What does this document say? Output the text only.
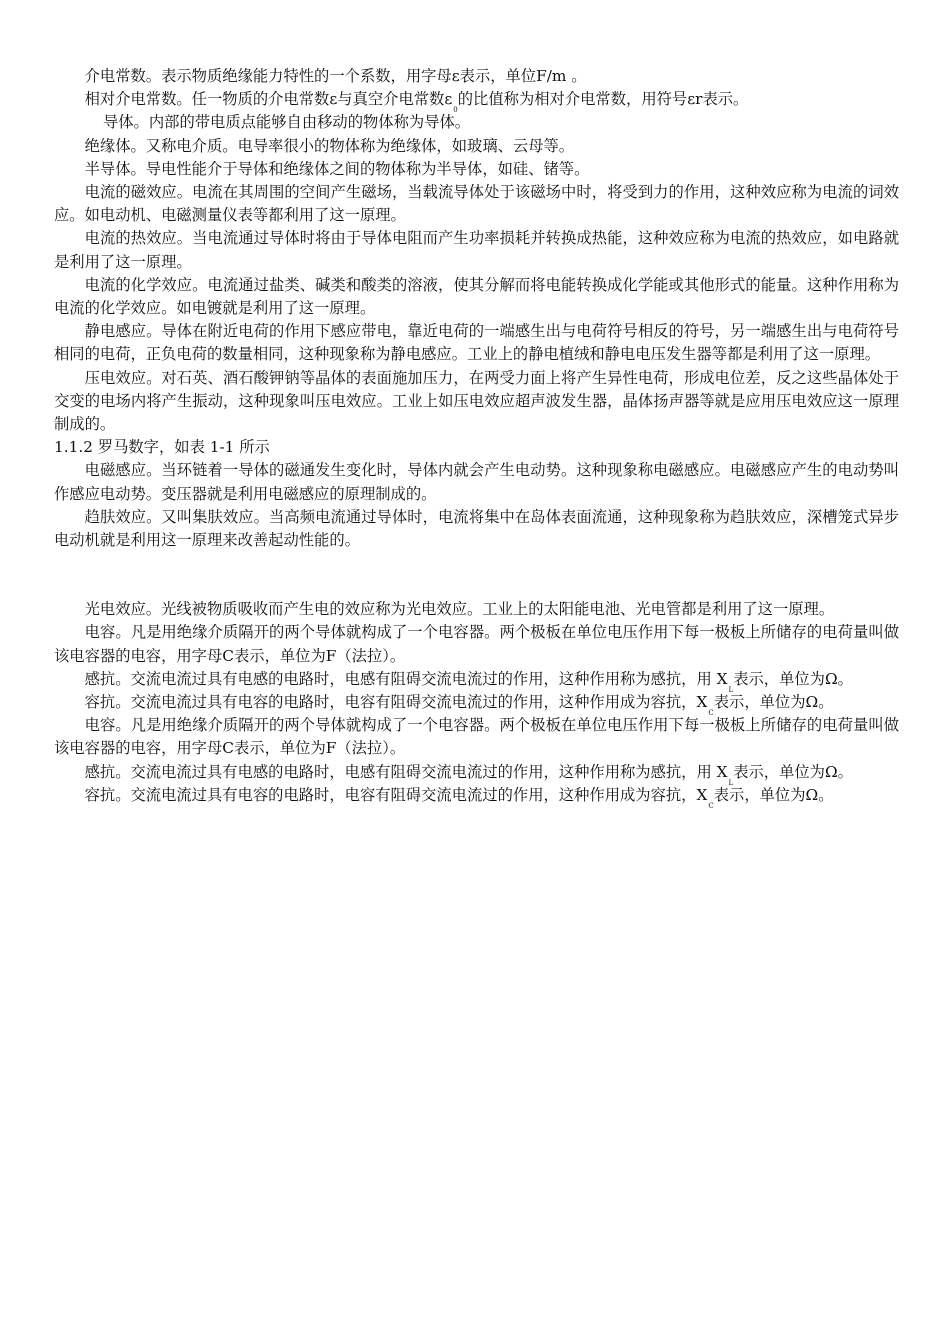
介电常数。表示物质绝缘能力特性的一个系数，用字母ε表示，单位F/m 。

相对介电常数。任一物质的介电常数ε与真空介电常数$\varepsilon_0$的比值称为相对介电常数，用符号εr表示。

导体。内部的带电质点能够自由移动的物体称为导体。

绝缘体。又称电介质。电导率很小的物体称为绝缘体，如玻璃、云母等。

半导体。导电性能介于导体和绝缘体之间的物体称为半导体，如硅、锗等。

电流的磁效应。电流在其周围的空间产生磁场，当载流导体处于该磁场中时，将受到力的作用，这种效应称为电流的词效应。如电动机、电磁测量仪表等都利用了这一原理。

电流的热效应。当电流通过导体时将由于导体电阻而产生功率损耗并转换成热能，这种效应称为电流的热效应，如电路就是利用了这一原理。

电流的化学效应。电流通过盐类、碱类和酸类的溶液，使其分解而将电能转换成化学能或其他形式的能量。这种作用称为电流的化学效应。如电镀就是利用了这一原理。

静电感应。导体在附近电荷的作用下感应带电，靠近电荷的一端感生出与电荷符号相反的符号，另一端感生出与电荷符号相同的电荷，正负电荷的数量相同，这种现象称为静电感应。工业上的静电植绒和静电电压发生器等都是利用了这一原理。

压电效应。对石英、酒石酸钾钠等晶体的表面施加压力，在两受力面上将产生异性电荷，形成电位差，反之这些晶体处于交变的电场内将产生振动，这种现象叫压电效应。工业上如压电效应超声波发生器，晶体扬声器等就是应用压电效应这一原理制成的。

1.1.2 罗马数字，如表 1-1 所示

电磁感应。当环链着一导体的磁通发生变化时，导体内就会产生电动势。这种现象称电磁感应。电磁感应产生的电动势叫作感应电动势。变压器就是利用电磁感应的原理制成的。

趋肤效应。又叫集肤效应。当高频电流通过导体时，电流将集中在岛体表面流通，这种现象称为趋肤效应，深槽笼式异步电动机就是利用这一原理来改善起动性能的。

光电效应。光线被物质吸收而产生电的效应称为光电效应。工业上的太阳能电池、光电管都是利用了这一原理。

电容。凡是用绝缘介质隔开的两个导体就构成了一个电容器。两个极板在单位电压作用下每一极板上所储存的电荷量叫做该电容器的电容，用字母C表示，单位为F（法拉）。

感抗。交流电流过具有电感的电路时，电感有阻碍交流电流过的作用，这种作用称为感抗，用 $X_L$表示，单位为Ω。

容抗。交流电流过具有电容的电路时，电容有阻碍交流电流过的作用，这种作用成为容抗，$X_C$表示，单位为Ω。

电容。凡是用绝缘介质隔开的两个导体就构成了一个电容器。两个极板在单位电压作用下每一极板上所储存的电荷量叫做该电容器的电容，用字母C表示，单位为F（法拉）。

感抗。交流电流过具有电感的电路时，电感有阻碍交流电流过的作用，这种作用称为感抗，用 $X_L$表示，单位为Ω。

容抗。交流电流过具有电容的电路时，电容有阻碍交流电流过的作用，这种作用成为容抗，$X_C$表示，单位为Ω。
